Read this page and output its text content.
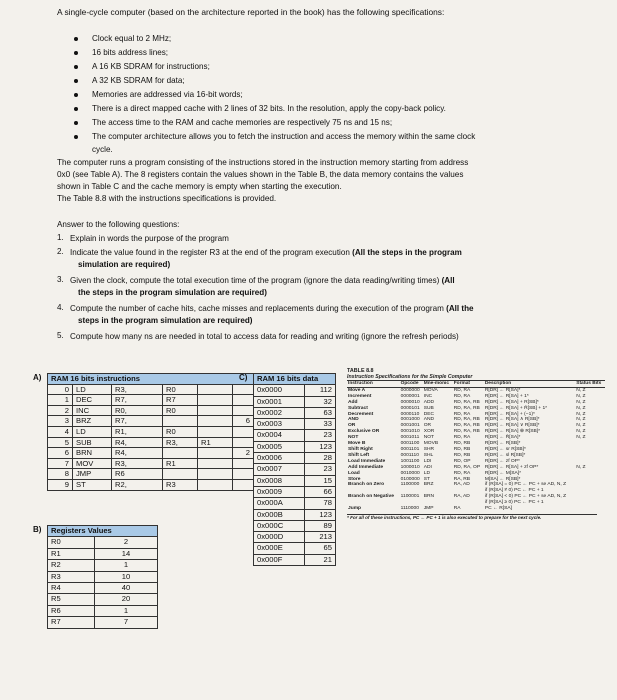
A single-cycle computer (based on the architecture reported in the book) has the following specifications:
Clock equal to 2 MHz;
16 bits address lines;
A 16 KB SDRAM for instructions;
A 32 KB SDRAM for data;
Memories are addressed via 16-bit words;
There is a direct mapped cache with 2 lines of 32 bits. In the resolution, apply the copy-back policy.
The access time to the RAM and cache memories are respectively 75 ns and 15 ns;
The computer architecture allows you to fetch the instruction and access the memory within the same clock
cycle.
The computer runs a program consisting of the instructions stored in the instruction memory starting from address
0x0 (see Table A). The 8 registers contain the values shown in the Table B, the data memory contains the values
shown in Table C and the cache memory is empty when starting the execution.
The Table 8.8 with the instructions specifications is provided.
Answer to the following questions:
1. Explain in words the purpose of the program
2. Indicate the value found in the register R3 at the end of the program execution (All the steps in the program
simulation are required)
3. Given the clock, compute the total execution time of the program (ignore the data reading/writing times) (All
the steps in the program simulation are required)
4. Compute the number of cache hits, cache misses and replacements during the execution of the program (All the
steps in the program simulation are required)
5. Compute how many ns are needed in total to access data for reading and writing (ignore the refresh periods)
A) RAM 16 bits instructions					
0	LD	R3,	R0		
1	DEC	R7,	R7		
2	INC	R0,	R0		
3	BRZ	R7,			6
4	LD	R1,	R0		
5	SUB	R4,	R3,	R1	
6	BRN	R4,			2
7	MOV	R3,	R1		
8	JMP	R6			
9	ST	R2,	R3		
B) Registers Values	
R0	2
R1	14
R2	1
R3	10
R4	40
R5	20
R6	1
R7	7
C) RAM 16 bits data	
0x0000	112
0x0001	32
0x0002	63
0x0003	33
0x0004	23
0x0005	123
0x0006	28
0x0007	23
0x0008	15
0x0009	66
0x000A	78
0x000B	123
0x000C	89
0x000D	213
0x000E	65
0x000F	21
TABLE 8.8
Instruction Specifications for the Simple Computer
Instruction	Opcode	Mne-monic	Format	Description	Status Bits
Move A	0000000	MOVA	RD, RA	R[DR] ← R[SA]*	N, Z
Increment	0000001	INC	RD, RA	R[DR] ← R[SA] + 1*	N, Z
Add	0000010	ADD	RD, RA, RB	R[DR] ← R[SA] + R[SB]*	N, Z
Subtract	0000101	SUB	RD, RA, RB	R[DR] ← R[SA] + R̄[SB] + 1*	N, Z
Decrement	0000110	DEC	RD, RA	R[DR] ← R[SA] + (−1)*	N, Z
AND	0001000	AND	RD, RA, RB	R[DR] ← R[SA] ∧ R[SB]*	N, Z
OR	0001001	OR	RD, RA, RB	R[DR] ← R[SA] ∨ R[SB]*	N, Z
Exclusive OR	0001010	XOR	RD, RA, RB	R[DR] ← R[SA] ⊕ R[SB]*	N, Z
NOT	0001011	NOT	RD, RA	R[DR] ← R̄[SA]*	N, Z
Move B	0001100	MOVB	RD, RB	R[DR] ← R[SB]*	
Shift Right	0001101	SHR	RD, RB	R[DR] ← sr R[SB]*	
Shift Left	0001110	SHL	RD, RB	R[DR] ← sl R[SB]*	
Load Immediate	1001100	LDI	RD, OP	R[DR] ← zf OP*	
Add Immediate	1000010	ADI	RD, RA, OP	R[DR] ← R[SA] + zf OP*	N, Z
Load	0010000	LD	RD, RA	R[DR] ← M[SA]*	
Store	0100000	ST	RA, RB	M[SA] ← R[SB]*	
Branch on Zero	1100000	BRZ	RA, AD	if (R[SA] = 0) PC ← PC + se AD, N, Z	
				if (R[SA] ≠ 0) PC ← PC + 1	
Branch on Negative	1100001	BRN	RA, AD	if (R[SA] < 0) PC ← PC + se AD, N, Z	
				if (R[SA] ≥ 0) PC ← PC + 1	
Jump	1110000	JMP	RA	PC ← R[SA]	
* For all of these instructions, PC ← PC + 1 is also executed to prepare for the next cycle.
